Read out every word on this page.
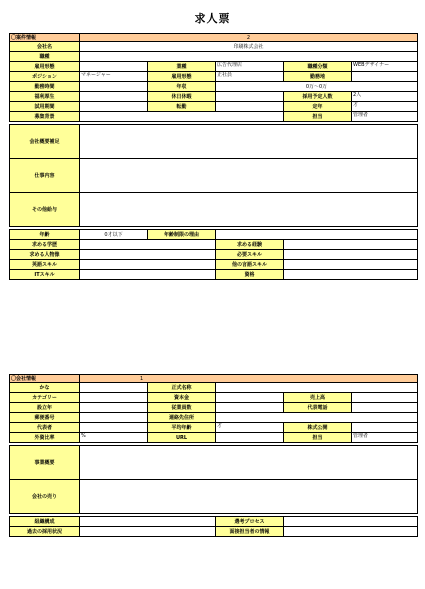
求人票
〇案件情報	2				
会社名	印刷株式会社				
職種					
雇用形態		業種	広告代理店	職種分類	WEBデザイナー
ポジション	マネージャー	雇用形態	正社員	勤務地	
勤務時間		年収	0万〜0万		
福利厚生		休日休暇		採用予定人数	2人
試用期間		転勤		定年	才
募集背景				担当	管理者

会社概要補足					
仕事内容					
その他給与					

年齢	0才以下	年齢制限の理由			
求める学歴			求める経験		
求める人物像			必要スキル		
英語スキル			他の言語スキル		
ITスキル			資格		
〇会社情報	1				
かな		正式名称			
カテゴリー		資本金		売上高	
設立年		従業員数		代表電話	
郵便番号		連絡先住所			
代表者		平均年齢	才	株式公開	
外資比率	%	URL		担当	管理者

事業概要					
会社の売り					

組織構成			選考プロセス		
過去の採用状況			面接担当者の情報		
